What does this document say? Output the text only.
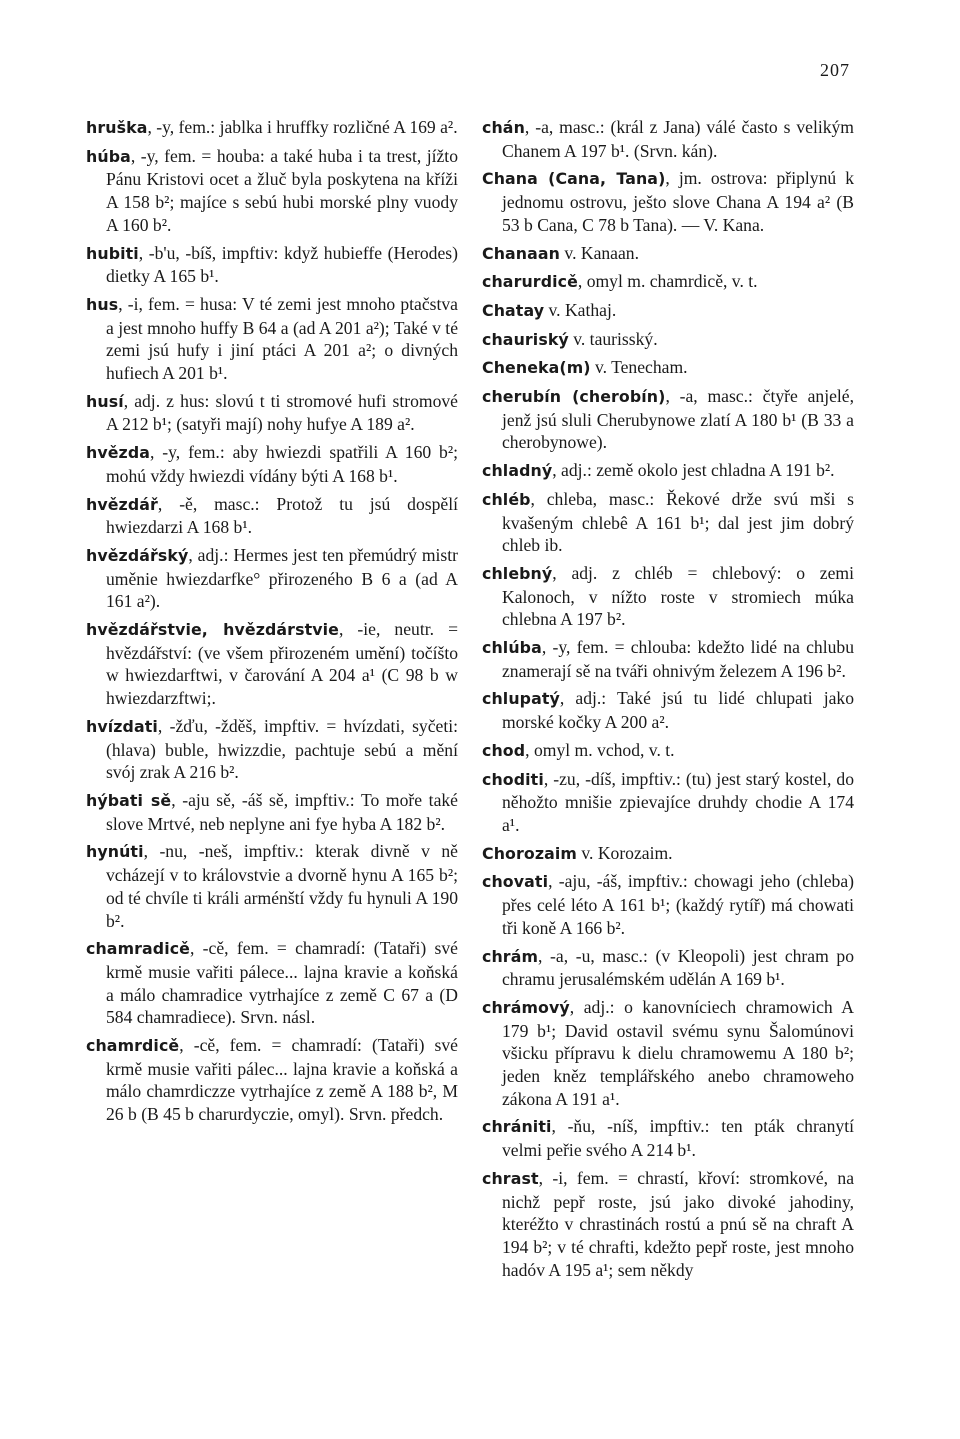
207

hruška, -y, fem.: jablka i hruffky rozličné A 169 a².

húba, -y, fem. = houba: a také huba i ta trest, jížto Pánu Kristovi ocet a žluč byla poskytena na kříži A 158 b²; majíce s sebú hubi morské plny vuody A 160 b².

hubiti, -b'u, -bíš, impftiv: když hubieffe (Herodes) dietky A 165 b¹.

hus, -i, fem. = husa: V té zemi jest mnoho ptačstva a jest mnoho huffy B 64 a (ad A 201 a²); Také v té zemi jsú hufy i jiní ptáci A 201 a²; o divných hufiech A 201 b¹.

husí, adj. z hus: slovú t ti stromové hufi stromové A 212 b¹; (satyři mají) nohy hufye A 189 a².

hvězda, -y, fem.: aby hwiezdi spatřili A 160 b²; mohú vždy hwiezdi vídány býti A 168 b¹.

hvězdář, -ě, masc.: Protož tu jsú dospělí hwiezdarzi A 168 b¹.

hvězdářský, adj.: Hermes jest ten přemúdrý mistr uměnie hwiezdarfke° přirozeného B 6 a (ad A 161 a²).

hvězdářstvie, hvězdárstvie, -ie, neutr. = hvězdářství: (ve všem přirozeném umění) točíšto w hwiezdarftwi, v čarování A 204 a¹ (C 98 b w hwiezdarzftwi;.

hvízdati, -žďu, -žděš, impftiv. = hvízdati, syčeti: (hlava) buble, hwizzdie, pachtuje sebú a mění svój zrak A 216 b².

hýbati sě, -aju sě, -áš sě, impftiv.: To moře také slove Mrtvé, neb neplyne ani fye hyba A 182 b².

hynúti, -nu, -neš, impftiv.: kterak divně v ně vcházejí v to královstvie a dvorně hynu A 165 b²; od té chvíle ti králi arménští vždy fu hynuli A 190 b².

chamradicě, -cě, fem. = chamradí: (Tataři) své krmě musie vařiti pálece... lajna kravie a koňská a málo chamradice vytrhajíce z země C 67 a (D 584 chamradiece). Srvn. násl.

chamrdicě, -cě, fem. = chamradí: (Tataři) své krmě musie vařiti pálec... lajna kravie a koňská a málo chamrdiczze vytrhajíce z země A 188 b², M 26 b (B 45 b charurdyczie, omyl). Srvn. předch.

chán, -a, masc.: (král z Jana) válé často s velikým Chanem A 197 b¹. (Srvn. kán).

Chana (Cana, Tana), jm. ostrova: připlynú k jednomu ostrovu, ješto slove Chana A 194 a² (B 53 b Cana, C 78 b Tana). — V. Kana.

Chanaan v. Kanaan.

charurdicě, omyl m. chamrdicě, v. t.

Chatay v. Kathaj.

chauriský v. taurisský.

Cheneka(m) v. Tenecham.

cherubín (cherobín), -a, masc.: čtyře anjelé, jenž jsú sluli Cherubynowe zlatí A 180 b¹ (B 33 a cherobynowe).

chladný, adj.: země okolo jest chladna A 191 b².

chléb, chleba, masc.: Řekové drže svú mši s kvašeným chlebê A 161 b¹; dal jest jim dobrý chleb ib.

chlebný, adj. z chléb = chlebový: o zemi Kalonoch, v nížto roste v stromiech múka chlebna A 197 b².

chlúba, -y, fem. = chlouba: kdežto lidé na chlubu znamerají sě na tváři ohnivým železem A 196 b².

chlupatý, adj.: Také jsú tu lidé chlupati jako morské kočky A 200 a².

chod, omyl m. vchod, v. t.

choditi, -zu, -díš, impftiv.: (tu) jest starý kostel, do něhožto mnišie zpievajíce druhdy chodie A 174 a¹.

Chorozaim v. Korozaim.

chovati, -aju, -áš, impftiv.: chowagi jeho (chleba) přes celé léto A 161 b¹; (každý rytíř) má chowati tři koně A 166 b².

chrám, -a, -u, masc.: (v Kleopoli) jest chram po chramu jerusalémském udělán A 169 b¹.

chrámový, adj.: o kanovníciech chramowich A 179 b¹; David ostavil svému synu Šalomúnovi všicku přípravu k dielu chramowemu A 180 b²; jeden kněz templářského anebo chramoweho zákona A 191 a¹.

chrániti, -ňu, -níš, impftiv.: ten pták chranytí velmi peřie svého A 214 b¹.

chrast, -i, fem. = chrastí, křoví: stromkové, na nichž pepř roste, jsú jako divoké jahodiny, kteréžto v chrastinách rostú a pnú sě na chraft A 194 b²; v té chrafti, kdežto pepř roste, jest mnoho hadóv A 195 a¹; sem někdy
